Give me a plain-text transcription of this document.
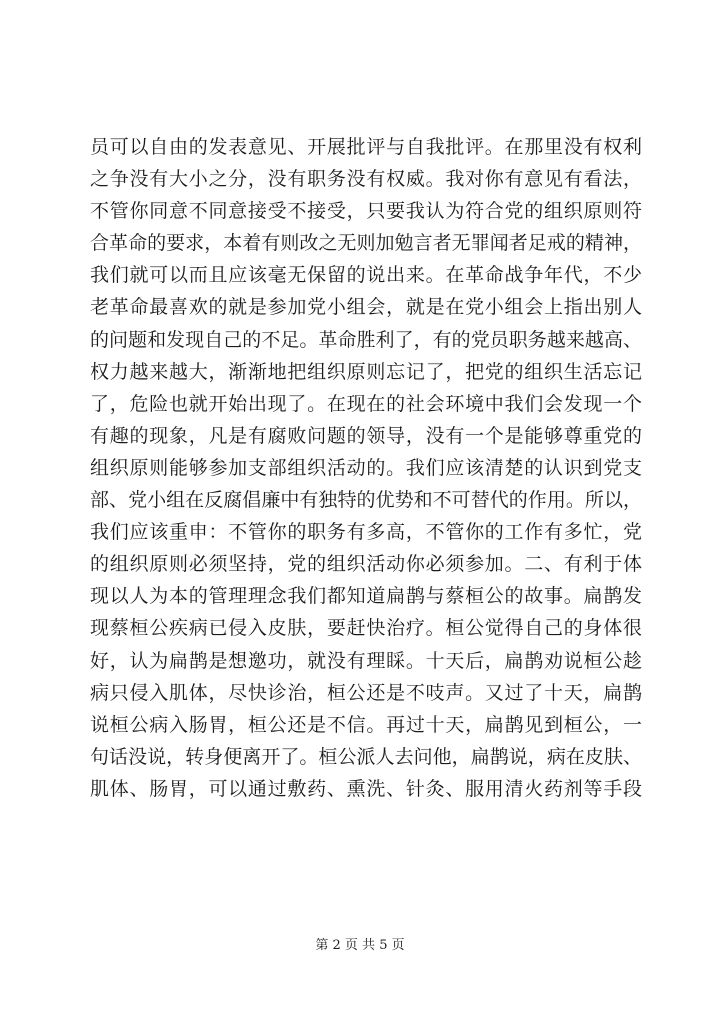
员可以自由的发表意见、开展批评与自我批评。在那里没有权利
之争没有大小之分，没有职务没有权威。我对你有意见有看法，
不管你同意不同意接受不接受，只要我认为符合党的组织原则符
合革命的要求，本着有则改之无则加勉言者无罪闻者足戒的精神，
我们就可以而且应该毫无保留的说出来。在革命战争年代，不少
老革命最喜欢的就是参加党小组会，就是在党小组会上指出别人
的问题和发现自己的不足。革命胜利了，有的党员职务越来越高、
权力越来越大，渐渐地把组织原则忘记了，把党的组织生活忘记
了，危险也就开始出现了。在现在的社会环境中我们会发现一个
有趣的现象，凡是有腐败问题的领导，没有一个是能够尊重党的
组织原则能够参加支部组织活动的。我们应该清楚的认识到党支
部、党小组在反腐倡廉中有独特的优势和不可替代的作用。所以，
我们应该重申：不管你的职务有多高，不管你的工作有多忙，党
的组织原则必须坚持，党的组织活动你必须参加。二、有利于体
现以人为本的管理理念我们都知道扁鹊与蔡桓公的故事。扁鹊发
现蔡桓公疾病已侵入皮肤，要赶快治疗。桓公觉得自己的身体很
好，认为扁鹊是想邀功，就没有理睬。十天后，扁鹊劝说桓公趁
病只侵入肌体，尽快诊治，桓公还是不吱声。又过了十天，扁鹊
说桓公病入肠胃，桓公还是不信。再过十天，扁鹊见到桓公，一
句话没说，转身便离开了。桓公派人去问他，扁鹊说，病在皮肤、
肌体、肠胃，可以通过敷药、熏洗、针灸、服用清火药剂等手段
第 2 页 共 5 页
